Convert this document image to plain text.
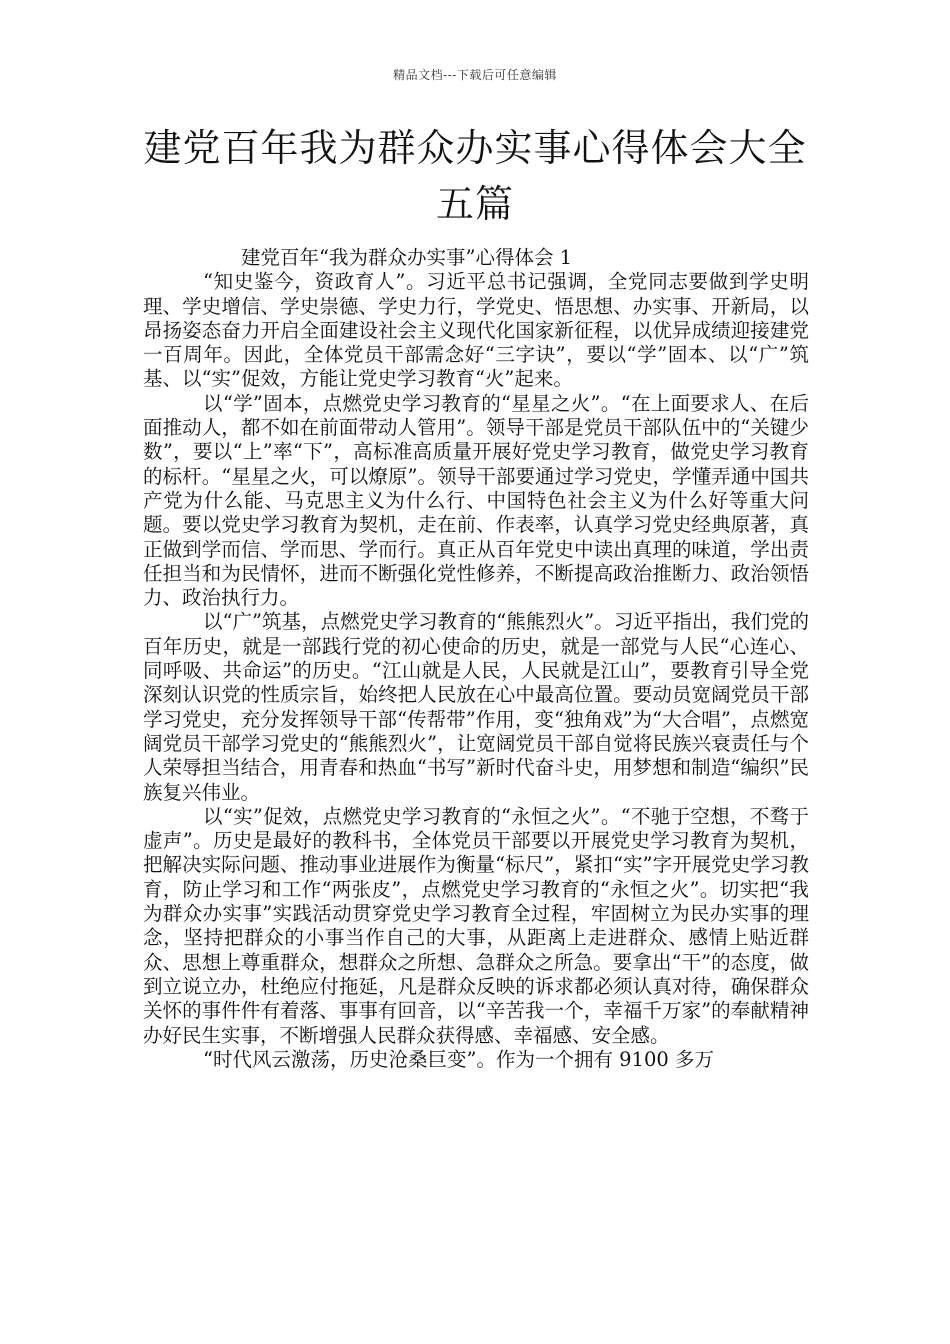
精品文档---下载后可任意编辑
建党百年我为群众办实事心得体会大全五篇

建党百年“我为群众办实事”心得体会 1

“知史鉴今，资政育人”。习近平总书记强调，全党同志要做到学史明理、学史增信、学史崇德、学史力行，学党史、悟思想、办实事、开新局，以昂扬姿态奋力开启全面建设社会主义现代化国家新征程，以优异成绩迎接建党一百周年。因此，全体党员干部需念好“三字诀”，要以“学”固本、以“广”筑基、以“实”促效，方能让党史学习教育“火”起来。

以“学”固本，点燃党史学习教育的“星星之火”。“在上面要求人、在后面推动人，都不如在前面带动人管用”。领导干部是党员干部队伍中的“关键少数”，要以“上”率“下”，高标准高质量开展好党史学习教育，做党史学习教育的标杆。“星星之火，可以燎原”。领导干部要通过学习党史，学懂弄通中国共产党为什么能、马克思主义为什么行、中国特色社会主义为什么好等重大问题。要以党史学习教育为契机，走在前、作表率，认真学习党史经典原著，真正做到学而信、学而思、学而行。真正从百年党史中读出真理的味道，学出责任担当和为民情怀，进而不断强化党性修养，不断提高政治推断力、政治领悟力、政治执行力。

以“广”筑基，点燃党史学习教育的“熊熊烈火”。习近平指出，我们党的百年历史，就是一部践行党的初心使命的历史，就是一部党与人民“心连心、同呼吸、共命运”的历史。“江山就是人民，人民就是江山”，要教育引导全党深刻认识党的性质宗旨，始终把人民放在心中最高位置。要动员宽阔党员干部学习党史，充分发挥领导干部“传帮带”作用，变“独角戏”为“大合唱”，点燃宽阔党员干部学习党史的“熊熊烈火”，让宽阔党员干部自觉将民族兴衰责任与个人荣辱担当结合，用青春和热血“书写”新时代奋斗史，用梦想和制造“编织”民族复兴伟业。

以“实”促效，点燃党史学习教育的“永恒之火”。“不驰于空想，不骛于虚声”。历史是最好的教科书，全体党员干部要以开展党史学习教育为契机，把解决实际问题、推动事业进展作为衡量“标尺”，紧扣“实”字开展党史学习教育，防止学习和工作“两张皮”，点燃党史学习教育的“永恒之火”。切实把“我为群众办实事”实践活动贯穿党史学习教育全过程，牢固树立为民办实事的理念，坚持把群众的小事当作自己的大事，从距离上走进群众、感情上贴近群众、思想上尊重群众，想群众之所想、急群众之所急。要拿出“干”的态度，做到立说立办，杜绝应付拖延，凡是群众反映的诉求都必须认真对待，确保群众关怀的事件件有着落、事事有回音，以“辛苦我一个，幸福千万家”的奉献精神办好民生实事，不断增强人民群众获得感、幸福感、安全感。

“时代风云激荡，历史沧桑巨变”。作为一个拥有 9100 多万
